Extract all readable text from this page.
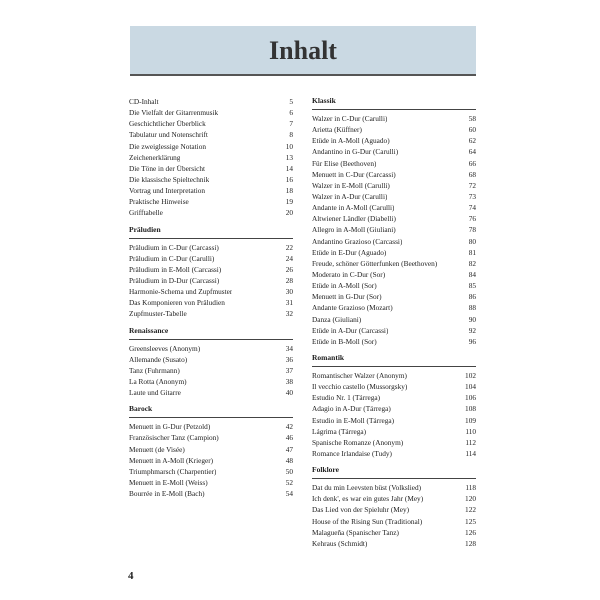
Inhalt
CD-Inhalt	5
Die Vielfalt der Gitarrenmusik	6
Geschichtlicher Überblick	7
Tabulatur und Notenschrift	8
Die zweiglessige Notation	10
Zeichenerklärung	13
Die Töne in der Übersicht	14
Die klassische Spieltechnik	16
Vortrag und Interpretation	18
Praktische Hinweise	19
Grifftabelle	20
Präludien
Präludium in C-Dur (Carcassi)	22
Präludium in C-Dur (Carulli)	24
Präludium in E-Moll (Carcassi)	26
Präludium in D-Dur (Carcassi)	28
Harmonie-Schema und Zupfmuster	30
Das Komponieren von Präludien	31
Zupfmuster-Tabelle	32
Renaissance
Greensleeves (Anonym)	34
Allemande (Susato)	36
Tanz (Fuhrmann)	37
La Rotta (Anonym)	38
Laute und Gitarre	40
Barock
Menuett in G-Dur (Petzold)	42
Französischer Tanz (Campion)	46
Menuett (de Visée)	47
Menuett in A-Moll (Krieger)	48
Triumphmarsch (Charpentier)	50
Menuett in E-Moll (Weiss)	52
Bourrée in E-Moll (Bach)	54
Klassik
Walzer in C-Dur (Carulli)	58
Arietta (Küffner)	60
Etüde in A-Moll (Aguado)	62
Andantino in G-Dur (Carulli)	64
Für Elise (Beethoven)	66
Menuett in C-Dur (Carcassi)	68
Walzer in E-Moll (Carulli)	72
Walzer in A-Dur (Carulli)	73
Andante in A-Moll (Carulli)	74
Altwiener Ländler (Diabelli)	76
Allegro in A-Moll (Giuliani)	78
Andantino Grazioso (Carcassi)	80
Etüde in E-Dur (Aguado)	81
Freude, schöner Götterfunken (Beethoven)	82
Moderato in C-Dur (Sor)	84
Etüde in A-Moll (Sor)	85
Menuett in G-Dur (Sor)	86
Andante Grazioso (Mozart)	88
Danza (Giuliani)	90
Etüde in A-Dur (Carcassi)	92
Etüde in B-Moll (Sor)	96
Romantik
Romantischer Walzer (Anonym)	102
Il vecchio castello (Mussorgsky)	104
Estudio Nr. 1 (Tárrega)	106
Adagio in A-Dur (Tárrega)	108
Estudio in E-Moll (Tárrega)	109
Lágrima (Tárrega)	110
Spanische Romanze (Anonym)	112
Romance Irlandaise (Tudy)	114
Folklore
Dat du min Leevsten büst (Volkslied)	118
Ich denk', es war ein gutes Jahr (Mey)	120
Das Lied von der Spieluhr (Mey)	122
House of the Rising Sun (Traditional)	125
Malagueña (Spanischer Tanz)	126
Kehraus (Schmidt)	128
4
